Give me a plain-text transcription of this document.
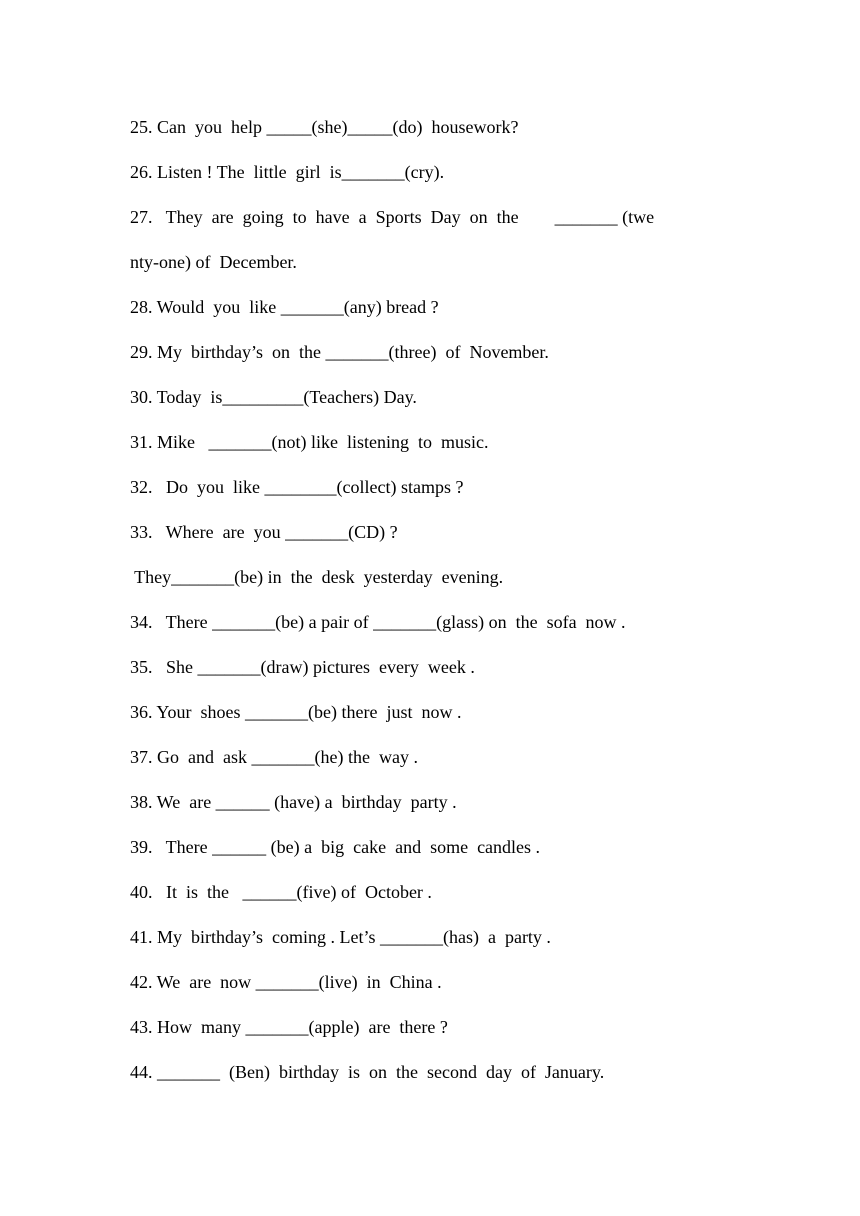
25. Can  you  help _____(she)_____(do)  housework?
26. Listen ! The  little  girl  is_______(cry).
27.   They  are  going  to  have  a  Sports  Day  on  the        _______ (twe
nty-one) of  December.
28. Would  you  like _______(any) bread ?
29. My  birthday’s  on  the _______(three)  of  November.
30. Today  is_________(Teachers) Day.
31. Mike   _______(not) like  listening  to  music.
32.   Do  you  like ________(collect) stamps ?
33.   Where  are  you _______(CD) ?
They_______(be) in  the  desk  yesterday  evening.
34.   There _______(be) a pair of _______(glass) on  the  sofa  now .
35.   She _______(draw) pictures  every  week .
36. Your  shoes _______(be) there  just  now .
37. Go  and  ask _______(he) the  way .
38. We  are ______ (have) a  birthday  party .
39.   There ______ (be) a  big  cake  and  some  candles .
40.   It  is  the   ______(five) of  October .
41. My  birthday’s  coming . Let’s _______(has)  a  party .
42. We  are  now _______(live)  in  China .
43. How  many _______(apple)  are  there ?
44. _______  (Ben)  birthday  is  on  the  second  day  of  January.
